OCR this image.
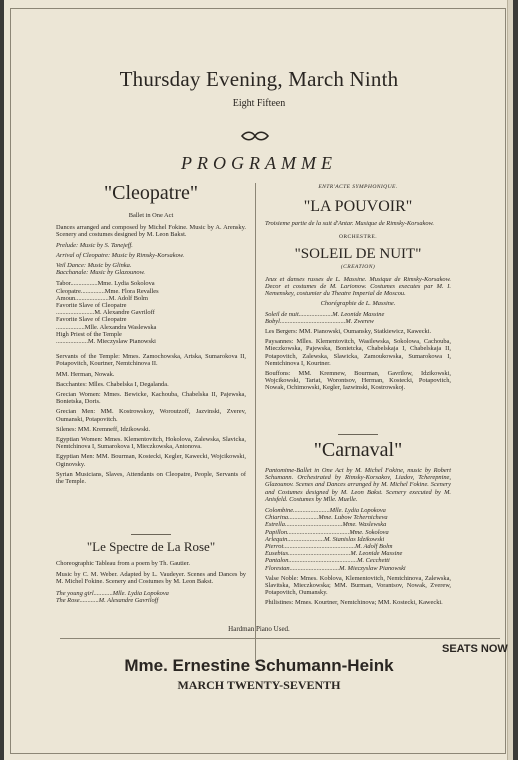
Thursday Evening, March Ninth
Eight Fifteen
PROGRAMME
"Cleopatre"
Ballet in One Act
Dances arranged and composed by Michel Fokine. Music by A. Arensky. Scenery and costumes designed by M. Leon Bakst.
Prelude: Music by S. Tanejeff.
Arrival of Cleopatre: Music by Rimsky-Korsakow.
Veil Dance: Music by Glinka.
Bacchanale: Music by Glazounow.
Tabor.................Mme. Lydia Sokolova
Cleopatre...............Mme. Flora Revalles
Amoun.....................M. Adolf Bolm
Favorite Slave of Cleopatre
........................M. Alexandre Gavriloff
Favorite Slave of Cleopatre
..................Mlle. Alexandra Waslewska
High Priest of the Temple
....................M. Mieczyslaw Pianowski
Servants of the Temple: Mmes. Zamochowska, Artska, Sumarokova II, Potapovitch, Kourtner, Nemtchinova II.
MM. Herman, Nowak.
Bacchantes: Mlles. Chabelska I, Degalanda.
Grecian Women: Mmes. Bewicke, Kachouba, Chabelska II, Pajewska, Bonietska, Doris.
Grecian Men: MM. Kostrowskoy, Woroutzoff, Jazvinski, Zverev, Oumanski, Potapovitch.
Silenes: MM. Kremneff, Idzikowski.
Egyptian Women: Mmes. Klementovitch, Hokolova, Zalewska, Slavicka, Nemtchinova I, Sumarokova I, Mieczkowska, Antonova.
Egyptian Men: MM. Bourman, Kostecki, Kegler, Kawecki, Wojcikowski, Oginovsky.
Syrian Musicians, Slaves, Attendants on Cleopatre, People, Servants of the Temple.
"Le Spectre de La Rose"
Choreographic Tableau from a poem by Th. Gautier.
Music by C. M. Weber. Adapted by L. Vaudeyer. Scenes and Dances by M. Michel Fokine. Scenery and Costumes by M. Leon Bakst.
The young girl............Mlle. Lydia Lopokova
The Rose............M. Alexandre Gavriloff
ENTR'ACTE SYMPHONIQUE.
"LA POUVOIR"
Troisieme partie de la suit d'Antar. Musique de Rimsky-Korsakow.
ORCHESTRE.
"SOLEIL DE NUIT"
(CREATION)
Jeux et danses russes de L. Massine. Musique de Rimsky-Korsakow. Decor et costumes de M. Larionow. Costumes executes par M. I. Nemenskey, costumier du Theatre Imperial de Moscou.
Chorégraphie de L. Massine.
Soleil de nuit.....................M. Leonide Massine
Bobyl.........................................M. Zwerew
Les Bergers: MM. Pianowski, Oumansky, Statkiewicz, Kawecki.
Paysannes: Mlles. Klementovitch, Wasilewska, Sokolowa, Cachouba, Mieczkowska, Pajewska, Bonietcka, Chabelskaja I, Chabelskaja II, Potapovitch, Zalewska, Slawicka, Zamoukowska, Sumarokowa I, Nemtchinova I, Kourtner.
Bouffons: MM. Kremnew, Bourman, Gavrilow, Idzikowski, Wojcikowski, Tariat, Worontsov, Herman, Kostecki, Potapovitch, Nowak, Ochimowski, Kegler, Iazwinski, Kostrowskoj.
"Carnaval"
Pantomime-Ballet in One Act by M. Michel Fokine, music by Robert Schumann. Orchestrated by Rimsky-Korsakov, Liadov, Tcherepnine, Glazounov. Scenes and Dances arranged by M. Michel Fokine. Scenery and Costumes designed by M. Leon Bakst. Scenery executed by M. Anisfeld. Costumes by Mlle. Muelle.
Colombine.......................Mlle. Lydia Lopokova
Chiarina...................Mme. Lubow Tchernicheva
Estrella....................................Mme. Waslewska
Papillon.......................................Mme. Sokolova
Arlequin.......................M. Stanislas Idzikowski
Pierrot.............................................M. Adolf Bolm
Eusebius.......................................M. Leonide Massine
Pantalon...........................................M. Cecchetti
Florestan...............................M. Mieczyslaw Pianowski
Valse Noble: Mmes. Koblova, Klementovitch, Nemtchinova, Zalewska, Slavitska, Mieczkowska; MM. Burman, Vorantsov, Nowak, Zverew, Potapovitch, Oumansky.
Philistines: Mmes. Kourtner, Nemtchinova; MM. Kostecki, Kawecki.
Hardman Piano Used.
SEATS NOW
Mme. Ernestine Schumann-Heink
MARCH TWENTY-SEVENTH
